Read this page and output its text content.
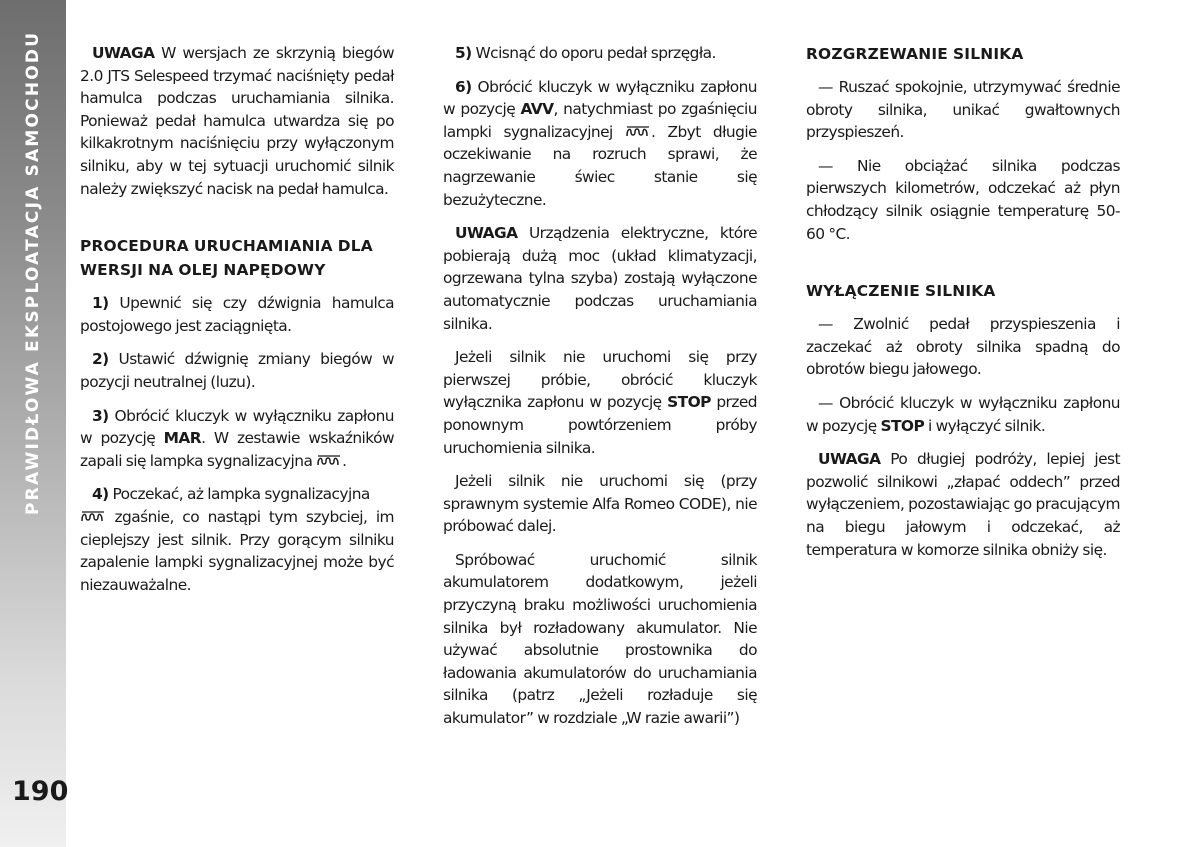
PRAWIDŁOWA EKSPLOATACJA SAMOCHODU
190

UWAGA W wersjach ze skrzynią biegów 2.0 JTS Selespeed trzymać naciśnięty pedał hamulca podczas uruchamiania silnika. Ponieważ pedał hamulca utwardza się po kilkakrotnym naciśnięciu przy wyłączonym silniku, aby w tej sytuacji uruchomić silnik należy zwiększyć nacisk na pedał hamulca.

PROCEDURA URUCHAMIANIA DLA WERSJI NA OLEJ NAPĘDOWY

1) Upewnić się czy dźwignia hamulca postojowego jest zaciągnięta.

2) Ustawić dźwignię zmiany biegów w pozycji neutralnej (luzu).

3) Obrócić kluczyk w wyłączniku zapłonu w pozycję MAR. W zestawie wskaźników zapali się lampka sygnalizacyjna .

4) Poczekać, aż lampka sygnalizacyjna
zgaśnie, co nastąpi tym szybciej, im cieplejszy jest silnik. Przy gorącym silniku zapalenie lampki sygnalizacyjnej może być niezauważalne.

5) Wcisnąć do oporu pedał sprzęgła.

6) Obrócić kluczyk w wyłączniku zapłonu w pozycję AVV, natychmiast po zgaśnięciu lampki sygnalizacyjnej . Zbyt długie oczekiwanie na rozruch sprawi, że nagrzewanie świec stanie się bezużyteczne.

UWAGA Urządzenia elektryczne, które pobierają dużą moc (układ klimatyzacji, ogrzewana tylna szyba) zostają wyłączone automatycznie podczas uruchamiania silnika.

Jeżeli silnik nie uruchomi się przy pierwszej próbie, obrócić kluczyk wyłącznika zapłonu w pozycję STOP przed ponownym powtórzeniem próby uruchomienia silnika.

Jeżeli silnik nie uruchomi się (przy sprawnym systemie Alfa Romeo CODE), nie próbować dalej.

Spróbować uruchomić silnik akumulatorem dodatkowym, jeżeli przyczyną braku możliwości uruchomienia silnika był rozładowany akumulator. Nie używać absolutnie prostownika do ładowania akumulatorów do uruchamiania silnika (patrz „Jeżeli rozładuje się akumulator” w rozdziale „W razie awarii”)

ROZGRZEWANIE SILNIKA

— Ruszać spokojnie, utrzymywać średnie obroty silnika, unikać gwałtownych przyspieszeń.

— Nie obciążać silnika podczas pierwszych kilometrów, odczekać aż płyn chłodzący silnik osiągnie temperaturę 50-60 °C.

WYŁĄCZENIE SILNIKA

— Zwolnić pedał przyspieszenia i zaczekać aż obroty silnika spadną do obrotów biegu jałowego.

— Obrócić kluczyk w wyłączniku zapłonu w pozycję STOP i wyłączyć silnik.

UWAGA Po długiej podróży, lepiej jest pozwolić silnikowi „złapać oddech” przed wyłączeniem, pozostawiając go pracującym na biegu jałowym i odczekać, aż temperatura w komorze silnika obniży się.
